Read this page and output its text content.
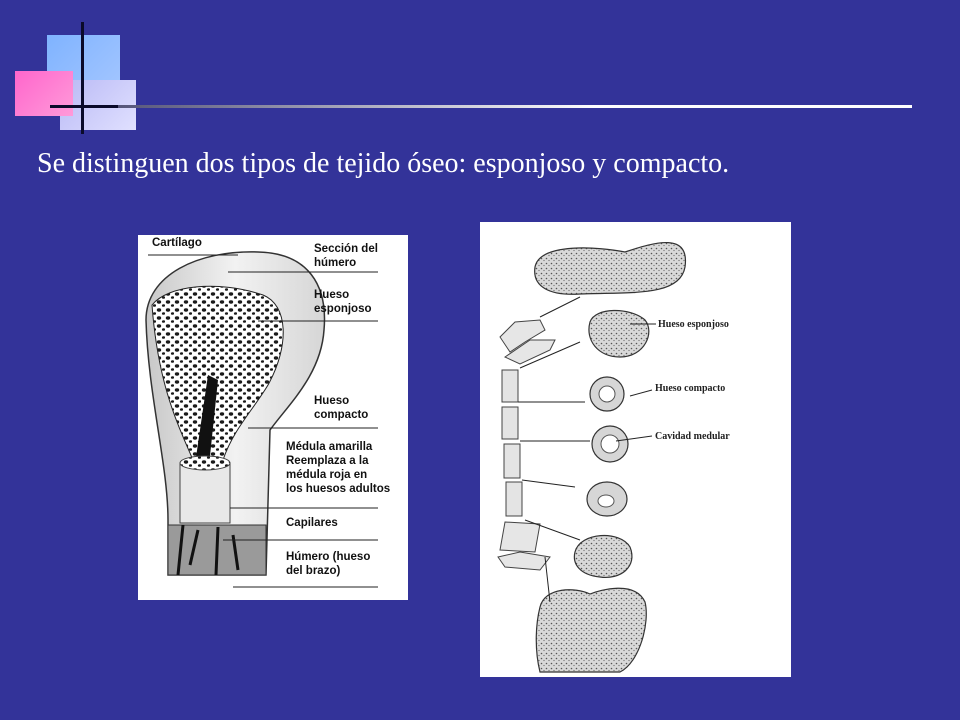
Se distinguen dos tipos de tejido óseo: esponjoso y compacto.
Cartílago	Sección del
húmero
Hueso
esponjoso
Hueso
compacto
Médula amarilla
Reemplaza a la
médula roja en
los huesos adultos
Capilares
Húmero (hueso
del brazo)
Hueso esponjoso
Hueso compacto
Cavidad medular
